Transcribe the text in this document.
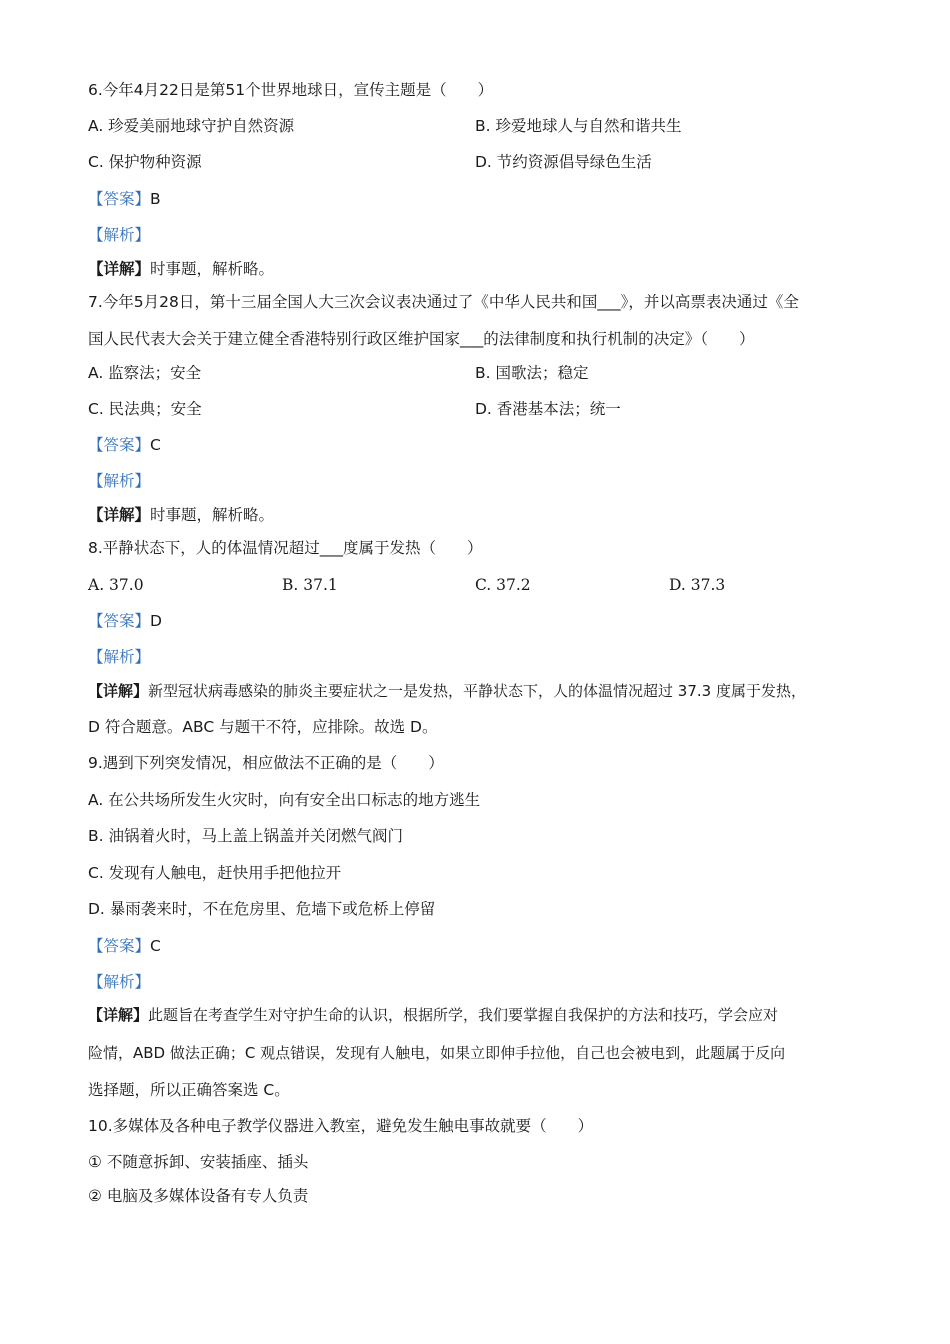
6.今年4月22日是第51个世界地球日，宣传主题是（　　）
A. 珍爱美丽地球守护自然资源	B. 珍爱地球人与自然和谐共生
C. 保护物种资源	D. 节约资源倡导绿色生活
【答案】B
【解析】
【详解】时事题，解析略。
7.今年5月28日，第十三届全国人大三次会议表决通过了《中华人民共和国___》，并以高票表决通过《全
国人民代表大会关于建立健全香港特别行政区维护国家___的法律制度和执行机制的决定》（　　）
A. 监察法；安全	B. 国歌法；稳定
C. 民法典；安全	D. 香港基本法；统一
【答案】C
【解析】
【详解】时事题，解析略。
8.平静状态下，人的体温情况超过___度属于发热（　　）
A. 37.0	B. 37.1	C. 37.2	D. 37.3
【答案】D
【解析】
【详解】新型冠状病毒感染的肺炎主要症状之一是发热，平静状态下，人的体温情况超过 37.3 度属于发热，
D 符合题意。ABC 与题干不符，应排除。故选 D。
9.遇到下列突发情况，相应做法不正确的是（　　）
A. 在公共场所发生火灾时，向有安全出口标志的地方逃生
B. 油锅着火时，马上盖上锅盖并关闭燃气阀门
C. 发现有人触电，赶快用手把他拉开
D. 暴雨袭来时，不在危房里、危墙下或危桥上停留
【答案】C
【解析】
【详解】此题旨在考查学生对守护生命的认识，根据所学，我们要掌握自我保护的方法和技巧，学会应对
险情，ABD 做法正确；C 观点错误，发现有人触电，如果立即伸手拉他，自己也会被电到，此题属于反向
选择题，所以正确答案选 C。
10.多媒体及各种电子教学仪器进入教室，避免发生触电事故就要（　　）
① 不随意拆卸、安装插座、插头
② 电脑及多媒体设备有专人负责
